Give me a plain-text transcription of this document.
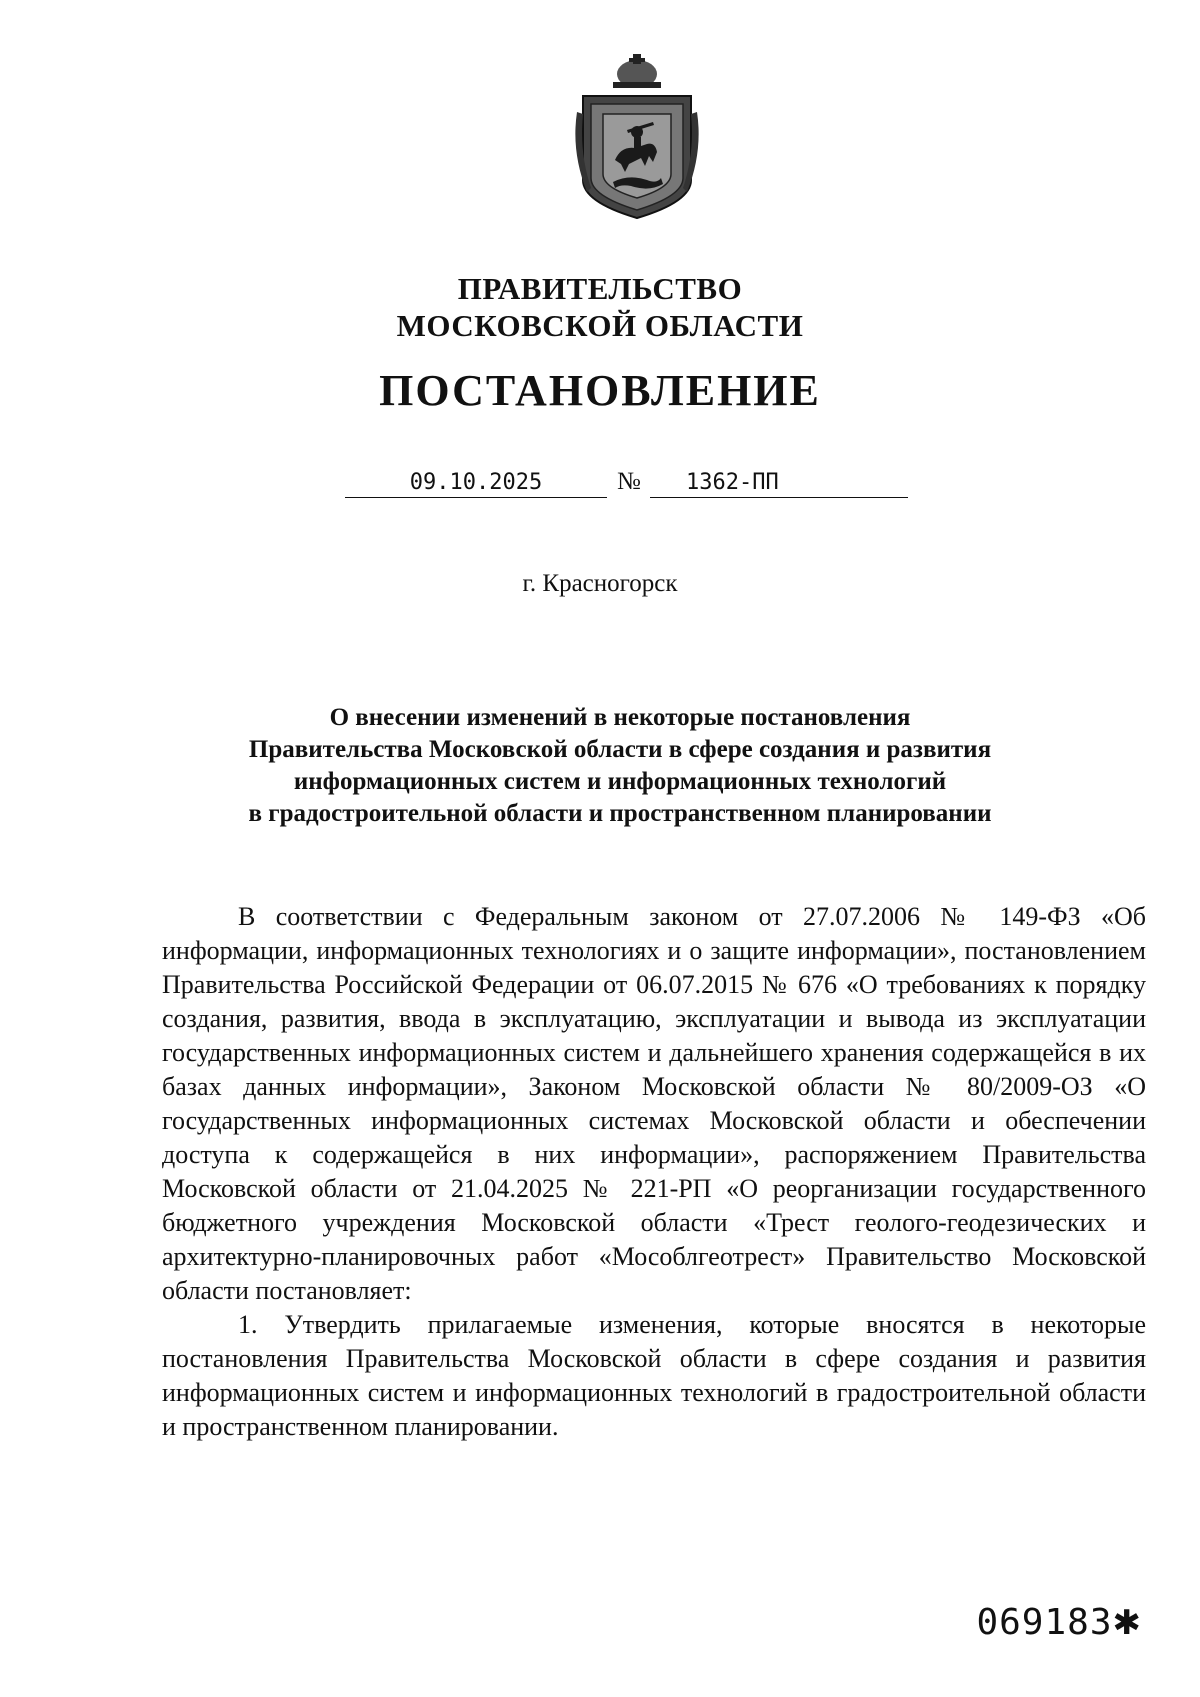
ПРАВИТЕЛЬСТВО
МОСКОВСКОЙ ОБЛАСТИ
ПОСТАНОВЛЕНИЕ
09.10.2025	№	1362-ПП
г. Красногорск
О внесении изменений в некоторые постановления
Правительства Московской области в сфере создания и развития
информационных систем и информационных технологий
в градостроительной области и пространственном планировании

В соответствии с Федеральным законом от 27.07.2006 № 149-ФЗ «Об информации, информационных технологиях и о защите информации», постановлением Правительства Российской Федерации от 06.07.2015 № 676 «О требованиях к порядку создания, развития, ввода в эксплуатацию, эксплуатации и вывода из эксплуатации государственных информационных систем и дальнейшего хранения содержащейся в их базах данных информации», Законом Московской области № 80/2009-ОЗ «О государственных информационных системах Московской области и обеспечении доступа к содержащейся в них информации», распоряжением Правительства Московской области от 21.04.2025 № 221-РП «О реорганизации государственного бюджетного учреждения Московской области «Трест геолого-геодезических и архитектурно-планировочных работ «Мособлгеотрест» Правительство Московской области постановляет:

1. Утвердить прилагаемые изменения, которые вносятся в некоторые постановления Правительства Московской области в сфере создания и развития информационных систем и информационных технологий в градостроительной области и пространственном планировании.

069183✱
